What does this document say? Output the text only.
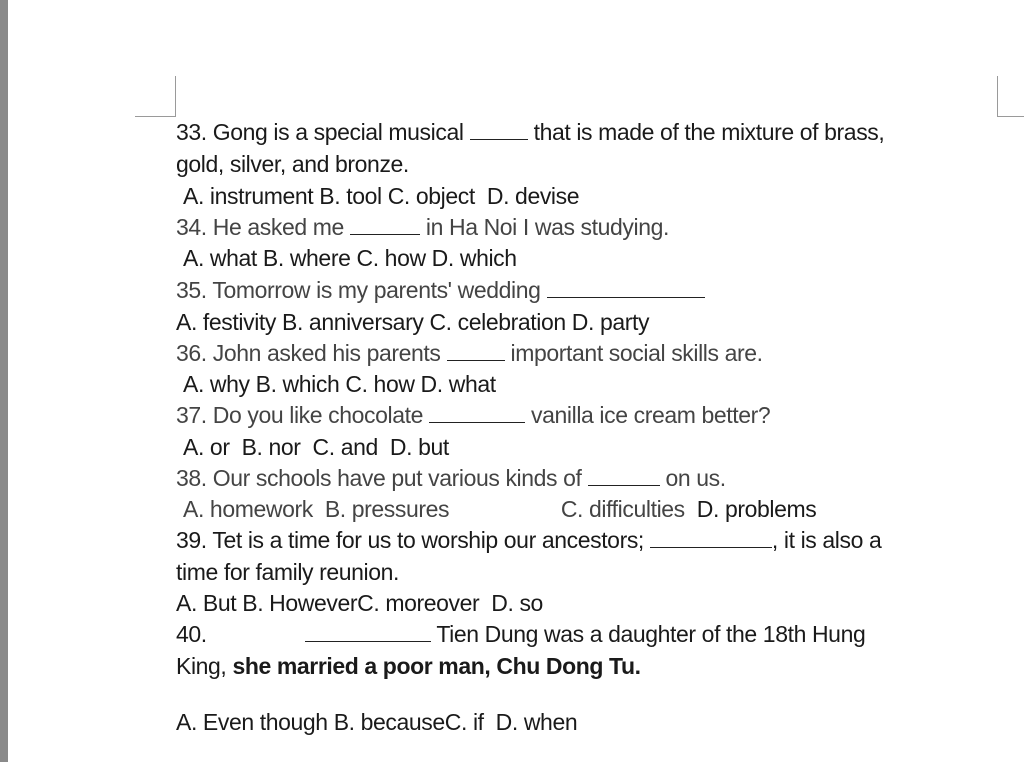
33. Gong is a special musical	that is made of the mixture of brass,
gold, silver, and bronze.
A. instrument B. tool C. object D. devise
34. He asked me	in Ha Noi I was studying.
A. what B. where C. how D. which
35. Tomorrow is my parents' wedding
A. festivity B. anniversary C. celebration D. party
36. John asked his parents	important social skills are.
A. why B. which C. how D. what
37. Do you like chocolate	vanilla ice cream better?
A. or B. nor C. and D. but
38. Our schools have put various kinds of	on us.
A. homework B. pressures	C. difficulties D. problems
39. Tet is a time for us to worship our ancestors;	, it is also a
time for family reunion.
A. But B. HoweverC. moreover D. so
40.	Tien Dung was a daughter of the 18th Hung
King, she married a poor man, Chu Dong Tu.
A. Even though B. becauseC. if D. when
